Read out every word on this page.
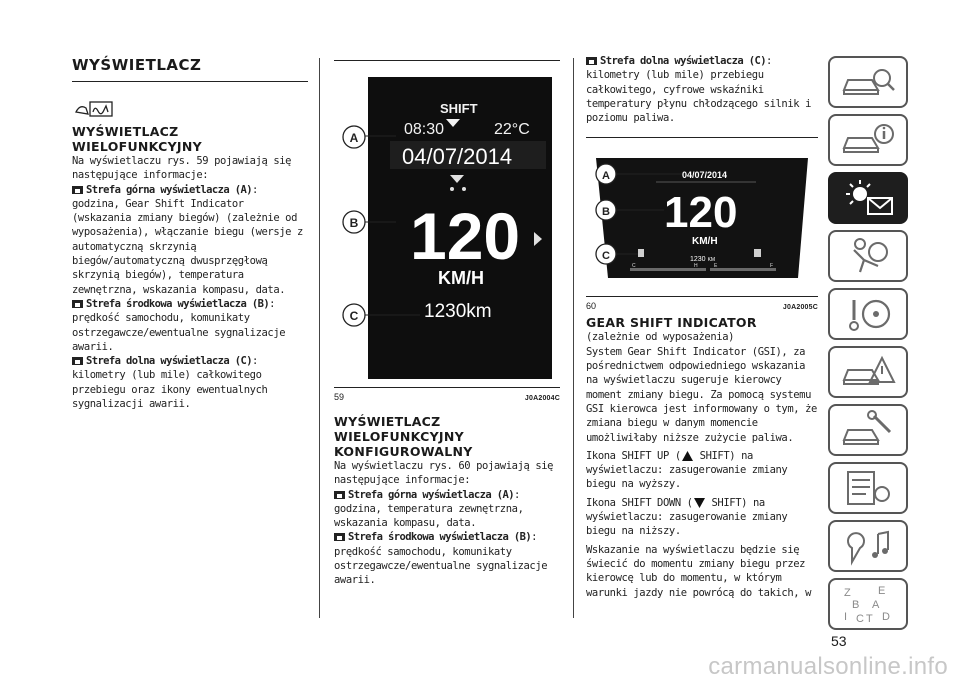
WYŚWIETLACZ
WYŚWIETLACZ
WIELOFUNKCYJNY
Na wyświetlaczu rys. 59 pojawiają się następujące informacje:
Strefa górna wyświetlacza (A): godzina, Gear Shift Indicator (wskazania zmiany biegów) (zależnie od wyposażenia), włączanie biegu (wersje z automatyczną skrzynią biegów/automatyczną dwusprzęgłową skrzynią biegów), temperatura zewnętrzna, wskazania kompasu, data.
Strefa środkowa wyświetlacza (B): prędkość samochodu, komunikaty ostrzegawcze/ewentualne sygnalizacje awarii.
Strefa dolna wyświetlacza (C): kilometry (lub mile) całkowitego przebiegu oraz ikony ewentualnych sygnalizacji awarii.
08:30
SHIFT
22°C
04/07/2014
120
KM/H
1230km
A
B
C
59	J0A2004C
WYŚWIETLACZ
WIELOFUNKCYJNY
KONFIGUROWALNY
Na wyświetlaczu rys. 60 pojawiają się następujące informacje:
Strefa górna wyświetlacza (A): godzina, temperatura zewnętrzna, wskazania kompasu, data.
Strefa środkowa wyświetlacza (B): prędkość samochodu, komunikaty ostrzegawcze/ewentualne sygnalizacje awarii.
Strefa dolna wyświetlacza (C): kilometry (lub mile) przebiegu całkowitego, cyfrowe wskaźniki temperatury płynu chłodzącego silnik i poziomu paliwa.
04/07/2014
120
KM/H
1230 KM
C	H	E	F
A
B
C
60	J0A2005C
GEAR SHIFT INDICATOR
(zależnie od wyposażenia)
System Gear Shift Indicator (GSI), za pośrednictwem odpowiedniego wskazania na wyświetlaczu sugeruje kierowcy moment zmiany biegu. Za pomocą systemu GSI kierowca jest informowany o tym, że zmiana biegu w danym momencie umożliwiłaby niższe zużycie paliwa.
Ikona SHIFT UP ( SHIFT) na wyświetlaczu: zasugerowanie zmiany biegu na wyższy.
Ikona SHIFT DOWN ( SHIFT) na wyświetlaczu: zasugerowanie zmiany biegu na niższy.
Wskazanie na wyświetlaczu będzie się świecić do momentu zmiany biegu przez kierowcę lub do momentu, w którym warunki jazdy nie powrócą do takich, w	Z E
B A
I C T D
53
carmanualsonline.info
